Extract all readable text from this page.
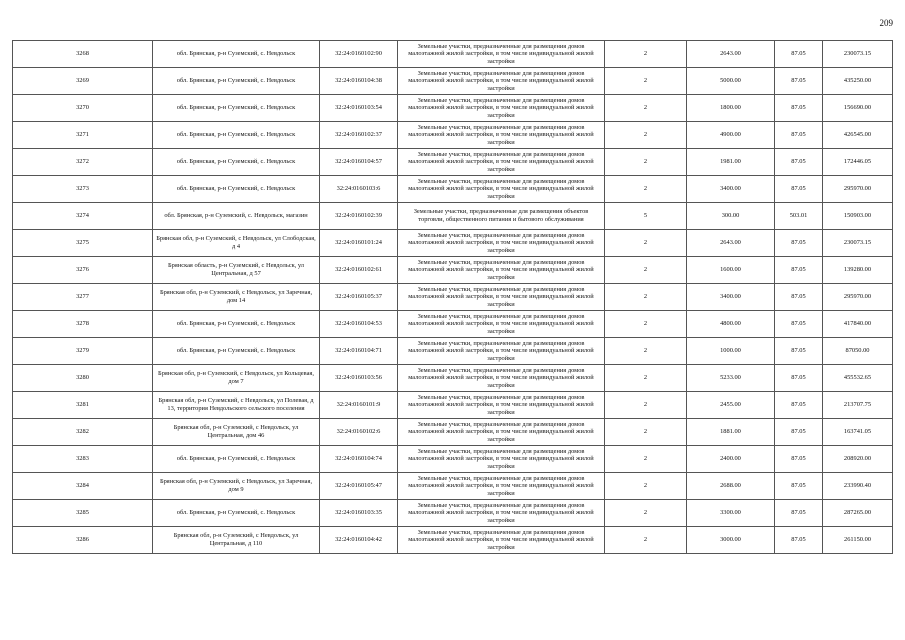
209
3268	обл. Брянская, р-н Суземский, с. Невдольск	32:24:0160102:90	Земельные участки, предназначенные для размещения домов малоэтажной жилой застройки, в том числе индивидуальной жилой застройки	2	2643.00	87.05	230073.15
3269	обл. Брянская, р-н Суземский, с. Невдольск	32:24:0160104:38	Земельные участки, предназначенные для размещения домов малоэтажной жилой застройки, в том числе индивидуальной жилой застройки	2	5000.00	87.05	435250.00
3270	обл. Брянская, р-н Суземский, с. Невдольск	32:24:0160103:54	Земельные участки, предназначенные для размещения домов малоэтажной жилой застройки, в том числе индивидуальной жилой застройки	2	1800.00	87.05	156690.00
3271	обл. Брянская, р-н Суземский, с. Невдольск	32:24:0160102:37	Земельные участки, предназначенные для размещения домов малоэтажной жилой застройки, в том числе индивидуальной жилой застройки	2	4900.00	87.05	426545.00
3272	обл. Брянская, р-н Суземский, с. Невдольск	32:24:0160104:57	Земельные участки, предназначенные для размещения домов малоэтажной жилой застройки, в том числе индивидуальной жилой застройки	2	1981.00	87.05	172446.05
3273	обл. Брянская, р-н Суземский, с. Невдольск	32:24:0160103:6	Земельные участки, предназначенные для размещения домов малоэтажной жилой застройки, в том числе индивидуальной жилой застройки	2	3400.00	87.05	295970.00
3274	обл. Брянская, р-н Суземский, с. Невдольск, магазин	32:24:0160102:39	Земельные участки, предназначенные для размещения объектов торговли, общественного питания и бытового обслуживания	5	300.00	503.01	150903.00
3275	Брянская обл, р-н Суземский, с Невдольск, ул Слободская, д 4	32:24:0160101:24	Земельные участки, предназначенные для размещения домов малоэтажной жилой застройки, в том числе индивидуальной жилой застройки	2	2643.00	87.05	230073.15
3276	Брянская область, р-н Суземский, с Невдольск, ул Центральная, д 57	32:24:0160102:61	Земельные участки, предназначенные для размещения домов малоэтажной жилой застройки, в том числе индивидуальной жилой застройки	2	1600.00	87.05	139280.00
3277	Брянская обл, р-н Суземский, с Невдольск, ул Заречная, дом 14	32:24:0160105:37	Земельные участки, предназначенные для размещения домов малоэтажной жилой застройки, в том числе индивидуальной жилой застройки	2	3400.00	87.05	295970.00
3278	обл. Брянская, р-н Суземский, с. Невдольск	32:24:0160104:53	Земельные участки, предназначенные для размещения домов малоэтажной жилой застройки, в том числе индивидуальной жилой застройки	2	4800.00	87.05	417840.00
3279	обл. Брянская, р-н Суземский, с. Невдольск	32:24:0160104:71	Земельные участки, предназначенные для размещения домов малоэтажной жилой застройки, в том числе индивидуальной жилой застройки	2	1000.00	87.05	87050.00
3280	Брянская обл, р-н Суземский, с Невдольск, ул Кольцевая, дом 7	32:24:0160103:56	Земельные участки, предназначенные для размещения домов малоэтажной жилой застройки, в том числе индивидуальной жилой застройки	2	5233.00	87.05	455532.65
3281	Брянская обл, р-н Суземский, с Невдольск, ул Полевая, д 13, территория Невдольского сельского поселения	32:24:0160101:9	Земельные участки, предназначенные для размещения домов малоэтажной жилой застройки, в том числе индивидуальной жилой застройки	2	2455.00	87.05	213707.75
3282	Брянская обл, р-н Суземский, с Невдольск, ул Центральная, дом 46	32:24:0160102:6	Земельные участки, предназначенные для размещения домов малоэтажной жилой застройки, в том числе индивидуальной жилой застройки	2	1881.00	87.05	163741.05
3283	обл. Брянская, р-н Суземский, с. Невдольск	32:24:0160104:74	Земельные участки, предназначенные для размещения домов малоэтажной жилой застройки, в том числе индивидуальной жилой застройки	2	2400.00	87.05	208920.00
3284	Брянская обл, р-н Суземский, с Невдольск, ул Заречная, дом 9	32:24:0160105:47	Земельные участки, предназначенные для размещения домов малоэтажной жилой застройки, в том числе индивидуальной жилой застройки	2	2688.00	87.05	233990.40
3285	обл. Брянская, р-н Суземский, с. Невдольск	32:24:0160103:35	Земельные участки, предназначенные для размещения домов малоэтажной жилой застройки, в том числе индивидуальной жилой застройки	2	3300.00	87.05	287265.00
3286	Брянская обл, р-н Суземский, с Невдольск, ул Центральная, д 110	32:24:0160104:42	Земельные участки, предназначенные для размещения домов малоэтажной жилой застройки, в том числе индивидуальной жилой застройки	2	3000.00	87.05	261150.00
